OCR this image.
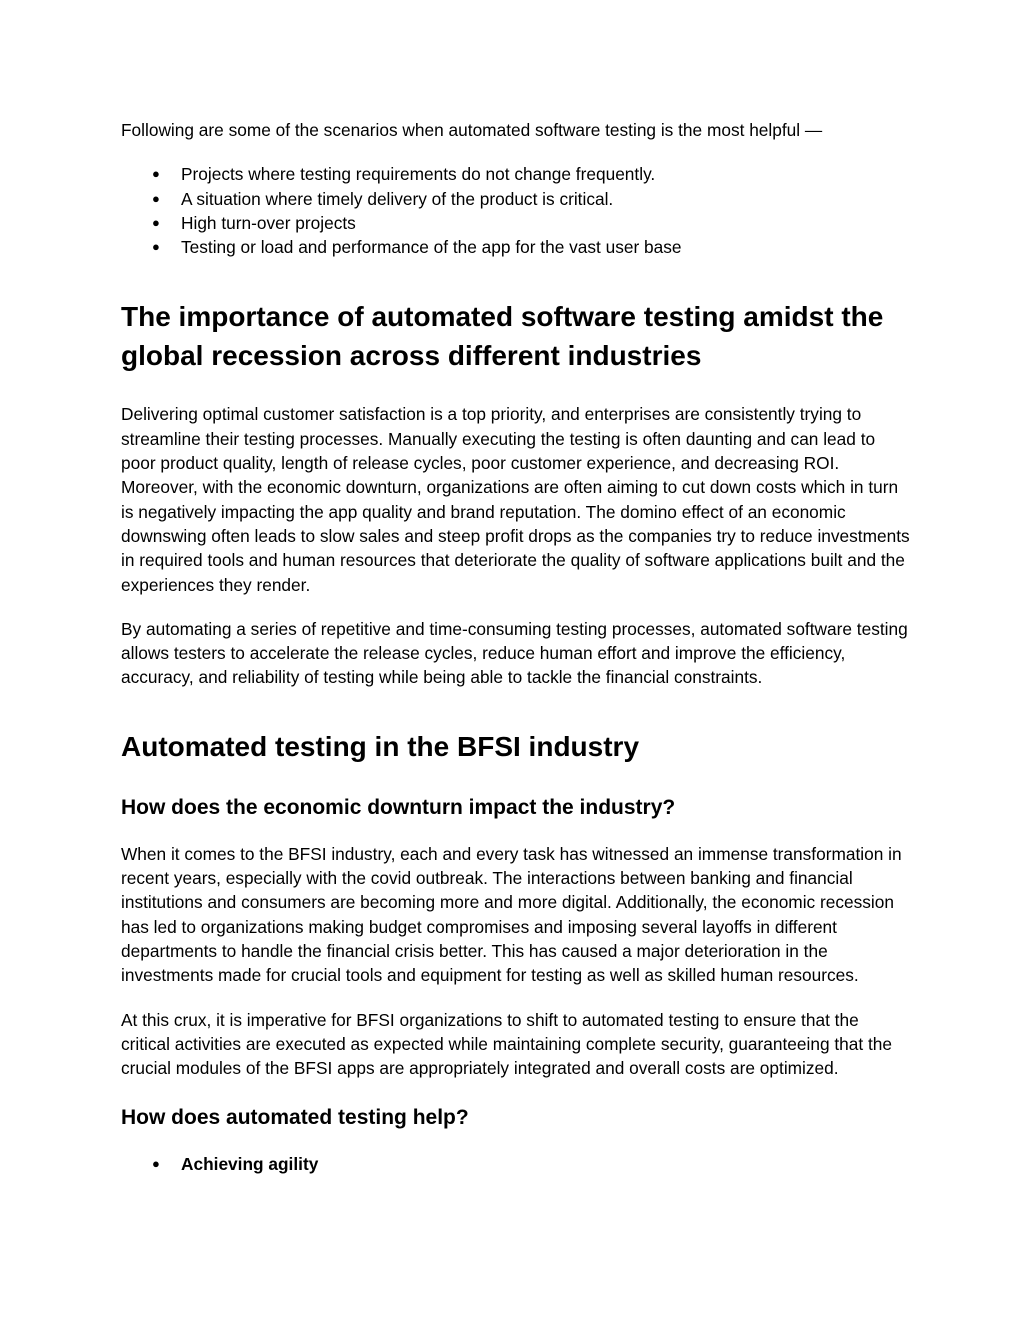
Following are some of the scenarios when automated software testing is the most helpful —

● Projects where testing requirements do not change frequently.
● A situation where timely delivery of the product is critical.
● High turn-over projects
● Testing or load and performance of the app for the vast user base
The importance of automated software testing amidst the global recession across different industries

Delivering optimal customer satisfaction is a top priority, and enterprises are consistently trying to streamline their testing processes. Manually executing the testing is often daunting and can lead to poor product quality, length of release cycles, poor customer experience, and decreasing ROI. Moreover, with the economic downturn, organizations are often aiming to cut down costs which in turn is negatively impacting the app quality and brand reputation. The domino effect of an economic downswing often leads to slow sales and steep profit drops as the companies try to reduce investments in required tools and human resources that deteriorate the quality of software applications built and the experiences they render.

By automating a series of repetitive and time-consuming testing processes, automated software testing allows testers to accelerate the release cycles, reduce human effort and improve the efficiency, accuracy, and reliability of testing while being able to tackle the financial constraints.

Automated testing in the BFSI industry
How does the economic downturn impact the industry?

When it comes to the BFSI industry, each and every task has witnessed an immense transformation in recent years, especially with the covid outbreak. The interactions between banking and financial institutions and consumers are becoming more and more digital. Additionally, the economic recession has led to organizations making budget compromises and imposing several layoffs in different departments to handle the financial crisis better. This has caused a major deterioration in the investments made for crucial tools and equipment for testing as well as skilled human resources.

At this crux, it is imperative for BFSI organizations to shift to automated testing to ensure that the critical activities are executed as expected while maintaining complete security, guaranteeing that the crucial modules of the BFSI apps are appropriately integrated and overall costs are optimized.

How does automated testing help?
● Achieving agility
